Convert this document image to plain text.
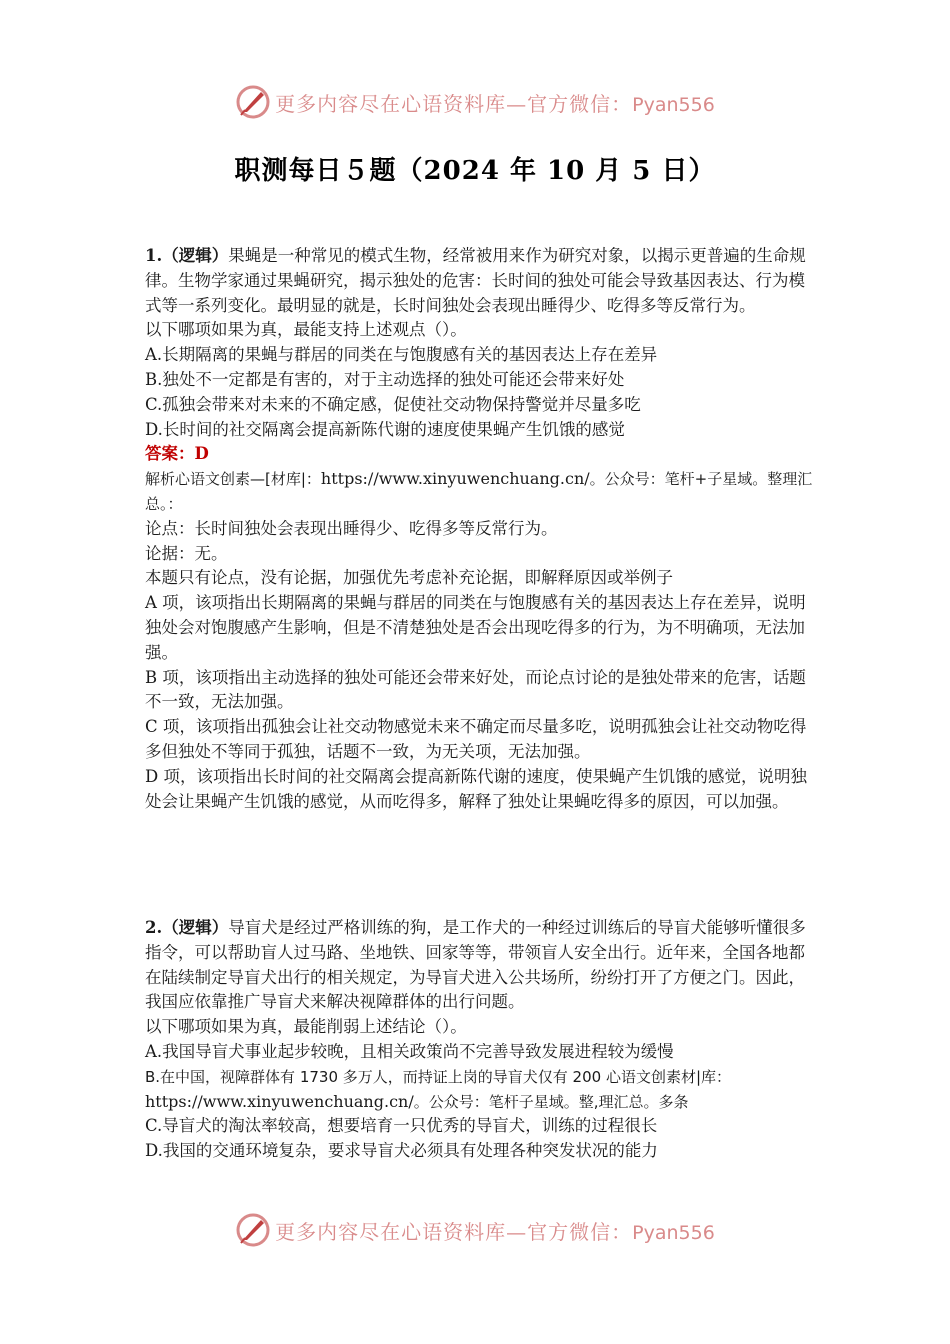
更多内容尽在心语资料库—官方微信：Pyan556
职测每日５题（2024 年 10 月 5 日）

1.（逻辑）果蝇是一种常见的模式生物，经常被用来作为研究对象，以揭示更普遍的生命规律。生物学家通过果蝇研究，揭示独处的危害：长时间的独处可能会导致基因表达、行为模式等一系列变化。最明显的就是，长时间独处会表现出睡得少、吃得多等反常行为。

以下哪项如果为真，最能支持上述观点（）。

A.长期隔离的果蝇与群居的同类在与饱腹感有关的基因表达上存在差异

B.独处不一定都是有害的，对于主动选择的独处可能还会带来好处

C.孤独会带来对未来的不确定感，促使社交动物保持警觉并尽量多吃

D.长时间的社交隔离会提高新陈代谢的速度使果蝇产生饥饿的感觉

答案：D

解析心语文创素—[材库|：https://www.xinyuwenchuang.cn/。公众号：笔杆+子星域。整理汇总。：

论点：长时间独处会表现出睡得少、吃得多等反常行为。

论据：无。

本题只有论点，没有论据，加强优先考虑补充论据，即解释原因或举例子

A 项，该项指出长期隔离的果蝇与群居的同类在与饱腹感有关的基因表达上存在差异，说明独处会对饱腹感产生影响，但是不清楚独处是否会出现吃得多的行为，为不明确项，无法加强。

B 项，该项指出主动选择的独处可能还会带来好处，而论点讨论的是独处带来的危害，话题不一致，无法加强。

C 项，该项指出孤独会让社交动物感觉未来不确定而尽量多吃，说明孤独会让社交动物吃得多但独处不等同于孤独，话题不一致，为无关项，无法加强。

D 项，该项指出长时间的社交隔离会提高新陈代谢的速度，使果蝇产生饥饿的感觉，说明独处会让果蝇产生饥饿的感觉，从而吃得多，解释了独处让果蝇吃得多的原因，可以加强。

2.（逻辑）导盲犬是经过严格训练的狗，是工作犬的一种经过训练后的导盲犬能够听懂很多指令，可以帮助盲人过马路、坐地铁、回家等等，带领盲人安全出行。近年来，全国各地都在陆续制定导盲犬出行的相关规定，为导盲犬进入公共场所，纷纷打开了方便之门。因此，我国应依靠推广导盲犬来解决视障群体的出行问题。

以下哪项如果为真，最能削弱上述结论（）。

A.我国导盲犬事业起步较晚，且相关政策尚不完善导致发展进程较为缓慢

B.在中国，视障群体有 1730 多万人，而持证上岗的导盲犬仅有 200 心语文创素材|库：https://www.xinyuwenchuang.cn/。公众号：笔杆子星域。整,理汇总。多条

C.导盲犬的淘汰率较高，想要培育一只优秀的导盲犬，训练的过程很长

D.我国的交通环境复杂，要求导盲犬必须具有处理各种突发状况的能力

更多内容尽在心语资料库—官方微信：Pyan556
